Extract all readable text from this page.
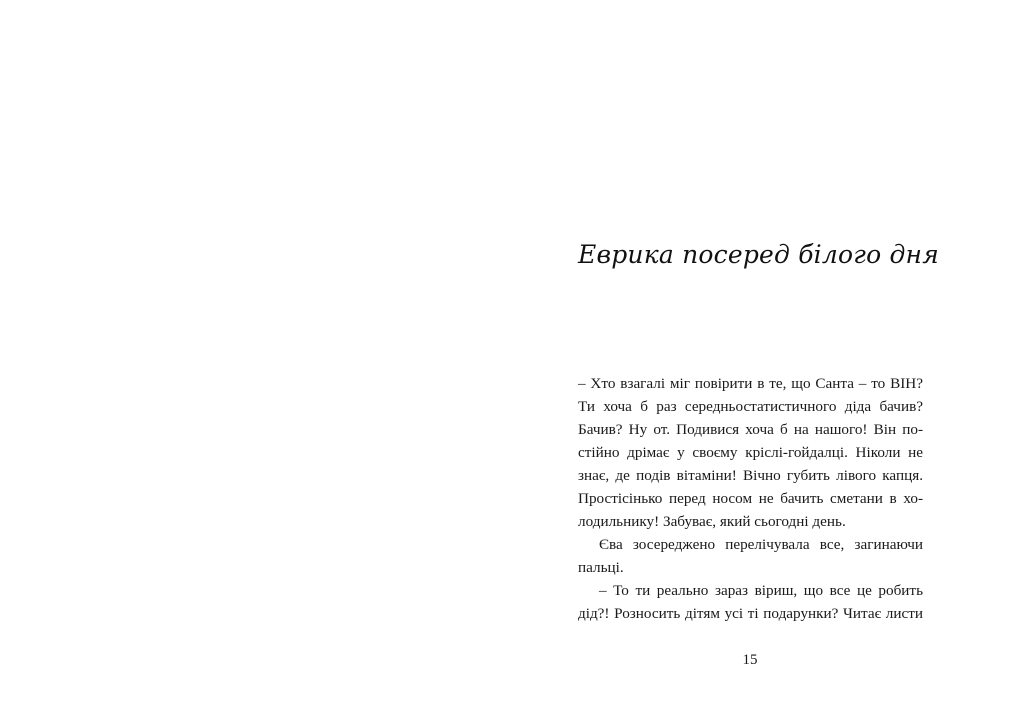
Еврика посеред білого дня
– Хто взагалі міг повірити в те, що Санта – то ВІН?
Ти хоча б раз середньостатистичного діда бачив?
Бачив? Ну от. Подивися хоча б на нашого! Він по-
стійно дрімає у своєму кріслі-гойдалці. Ніколи не
знає, де подів вітаміни! Вічно губить лівого капця.
Простісінько перед носом не бачить сметани в хо-
лодильнику! Забуває, який сьогодні день.
Єва зосереджено перелічувала все, загинаючи
пальці.
– То ти реально зараз віриш, що все це робить
дід?! Розносить дітям усі ті подарунки? Читає листи
15
